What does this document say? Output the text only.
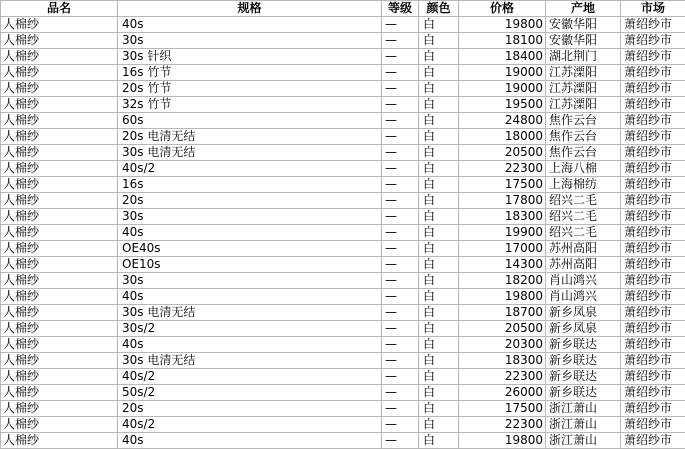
品名	规格	等级	颜色	价格	产地	市场
人棉纱	40s	—	白	19800	安徽华阳	萧绍纱市
人棉纱	30s	—	白	18100	安徽华阳	萧绍纱市
人棉纱	30s 针织	—	白	18400	湖北荆门	萧绍纱市
人棉纱	16s 竹节	—	白	19000	江苏溧阳	萧绍纱市
人棉纱	20s 竹节	—	白	19000	江苏溧阳	萧绍纱市
人棉纱	32s 竹节	—	白	19500	江苏溧阳	萧绍纱市
人棉纱	60s	—	白	24800	焦作云台	萧绍纱市
人棉纱	20s 电清无结	—	白	18000	焦作云台	萧绍纱市
人棉纱	30s 电清无结	—	白	20500	焦作云台	萧绍纱市
人棉纱	40s/2	—	白	22300	上海八棉	萧绍纱市
人棉纱	16s	—	白	17500	上海棉纺	萧绍纱市
人棉纱	20s	—	白	17800	绍兴二毛	萧绍纱市
人棉纱	30s	—	白	18300	绍兴二毛	萧绍纱市
人棉纱	40s	—	白	19900	绍兴二毛	萧绍纱市
人棉纱	OE40s	—	白	17000	苏州高阳	萧绍纱市
人棉纱	OE10s	—	白	14300	苏州高阳	萧绍纱市
人棉纱	30s	—	白	18200	肖山鸿兴	萧绍纱市
人棉纱	40s	—	白	19800	肖山鸿兴	萧绍纱市
人棉纱	30s 电清无结	—	白	18700	新乡凤泉	萧绍纱市
人棉纱	30s/2	—	白	20500	新乡凤泉	萧绍纱市
人棉纱	40s	—	白	20300	新乡联达	萧绍纱市
人棉纱	30s 电清无结	—	白	18300	新乡联达	萧绍纱市
人棉纱	40s/2	—	白	22300	新乡联达	萧绍纱市
人棉纱	50s/2	—	白	26000	新乡联达	萧绍纱市
人棉纱	20s	—	白	17500	浙江萧山	萧绍纱市
人棉纱	40s/2	—	白	22300	浙江萧山	萧绍纱市
人棉纱	40s	—	白	19800	浙江萧山	萧绍纱市
